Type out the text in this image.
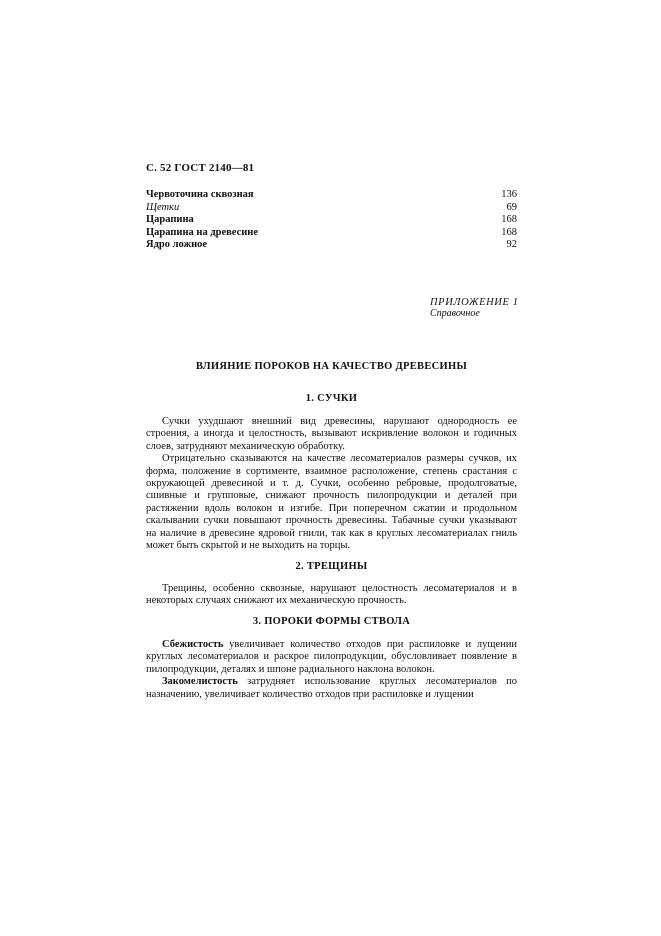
С. 52 ГОСТ 2140—81
Червоточина сквозная	136
Щетки	69
Царапина	168
Царапина на древесине	168
Ядро ложное	92
ПРИЛОЖЕНИЕ 1
Справочное
ВЛИЯНИЕ ПОРОКОВ НА КАЧЕСТВО ДРЕВЕСИНЫ
1. СУЧКИ

Сучки ухудшают внешний вид древесины, нарушают однородность ее строения, а иногда и целостность, вызывают искривление волокон и годичных слоев, затрудняют механическую обработку.

Отрицательно сказываются на качестве лесоматериалов размеры сучков, их форма, положение в сортименте, взаимное расположение, степень срастания с окружающей древесиной и т. д. Сучки, особенно ребровые, продолговатые, сшивные и групповые, снижают прочность пилопродукции и деталей при растяжении вдоль волокон и изгибе. При поперечном сжатии и продольном скалывании сучки повышают прочность древесины. Табачные сучки указывают на наличие в древесине ядровой гнили, так как в круглых лесоматериалах гниль может быть скрытой и не выходить на торцы.

2. ТРЕЩИНЫ

Трещины, особенно сквозные, нарушают целостность лесоматериалов и в некоторых случаях снижают их механическую прочность.

3. ПОРОКИ ФОРМЫ СТВОЛА

Сбежистость увеличивает количество отходов при распиловке и лущении круглых лесоматериалов и раскрое пилопродукции, обусловливает появление в пилопродукции, деталях и шпоне радиального наклона волокон.

Закомелистость затрудняет использование круглых лесоматериалов по назначению, увеличивает количество отходов при распиловке и лущении
